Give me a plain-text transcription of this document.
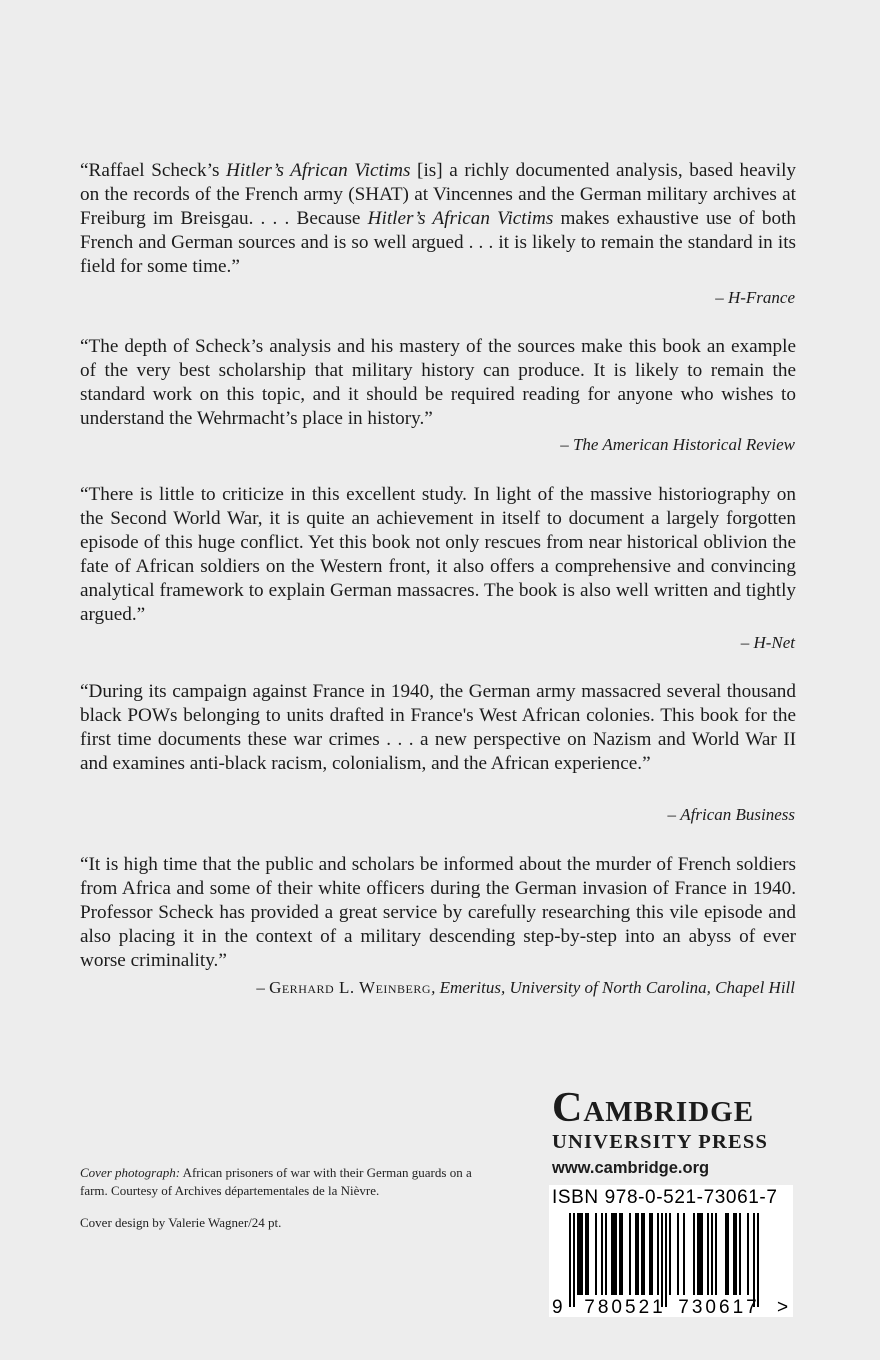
“Raffael Scheck’s Hitler’s African Victims [is] a richly documented analysis, based heavily on the records of the French army (SHAT) at Vincennes and the German military archives at Freiburg im Breisgau. . . . Because Hitler’s African Victims makes exhaustive use of both French and German sources and is so well argued . . . it is likely to remain the standard in its field for some time.”

– H-France

“The depth of Scheck’s analysis and his mastery of the sources make this book an example of the very best scholarship that military history can produce. It is likely to remain the standard work on this topic, and it should be required reading for anyone who wishes to understand the Wehrmacht’s place in history.”

– The American Historical Review

“There is little to criticize in this excellent study. In light of the massive historiography on the Second World War, it is quite an achievement in itself to document a largely forgotten episode of this huge conflict. Yet this book not only rescues from near historical oblivion the fate of African soldiers on the Western front, it also offers a comprehensive and convincing analytical framework to explain German massacres. The book is also well written and tightly argued.”

– H-Net

“During its campaign against France in 1940, the German army massacred several thousand black POWs belonging to units drafted in France's West African colonies. This book for the first time documents these war crimes . . . a new perspective on Nazism and World War II and examines anti-black racism, colonialism, and the African experience.”

– African Business

“It is high time that the public and scholars be informed about the murder of French soldiers from Africa and some of their white officers during the German invasion of France in 1940. Professor Scheck has provided a great service by carefully researching this vile episode and also placing it in the context of a military descending step-by-step into an abyss of ever worse criminality.”

– Gerhard L. Weinberg, Emeritus, University of North Carolina, Chapel Hill

Cover photograph: African prisoners of war with their German guards on a farm. Courtesy of Archives départementales de la Nièvre.

Cover design by Valerie Wagner/24 pt.

Cambridge
UNIVERSITY PRESS
www.cambridge.org
9 780521 730617 >
ISBN 978-0-521-73061-7
